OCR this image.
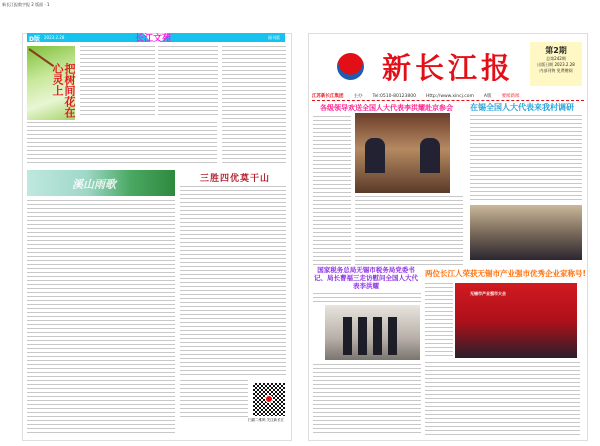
新长江报数字报 2 版面 · 1
D版 2023.2.28	长江文苑	副刊版
把树间花在心灵上
溪山雨歌	三胜四优莫干山
扫描二维码 关注新长江
新长江报
第2期
总第242期
出版日期 2023.2.28
内部刊物 免费赠阅
江苏新长江集团 主办 Tel:0510-80123800 Http://www.xincj.com A版 要闻新闻
各级领导欢送全国人大代表李洪耀赴京参会 在锡全国人大代表来我村调研
国家税务总局无锡市税务局党委书记、局长曹福三走访慰问全国人大代表李洪耀
两位长江人荣获无锡市产业强市优秀企业家称号!
无锡市产业强市大会
